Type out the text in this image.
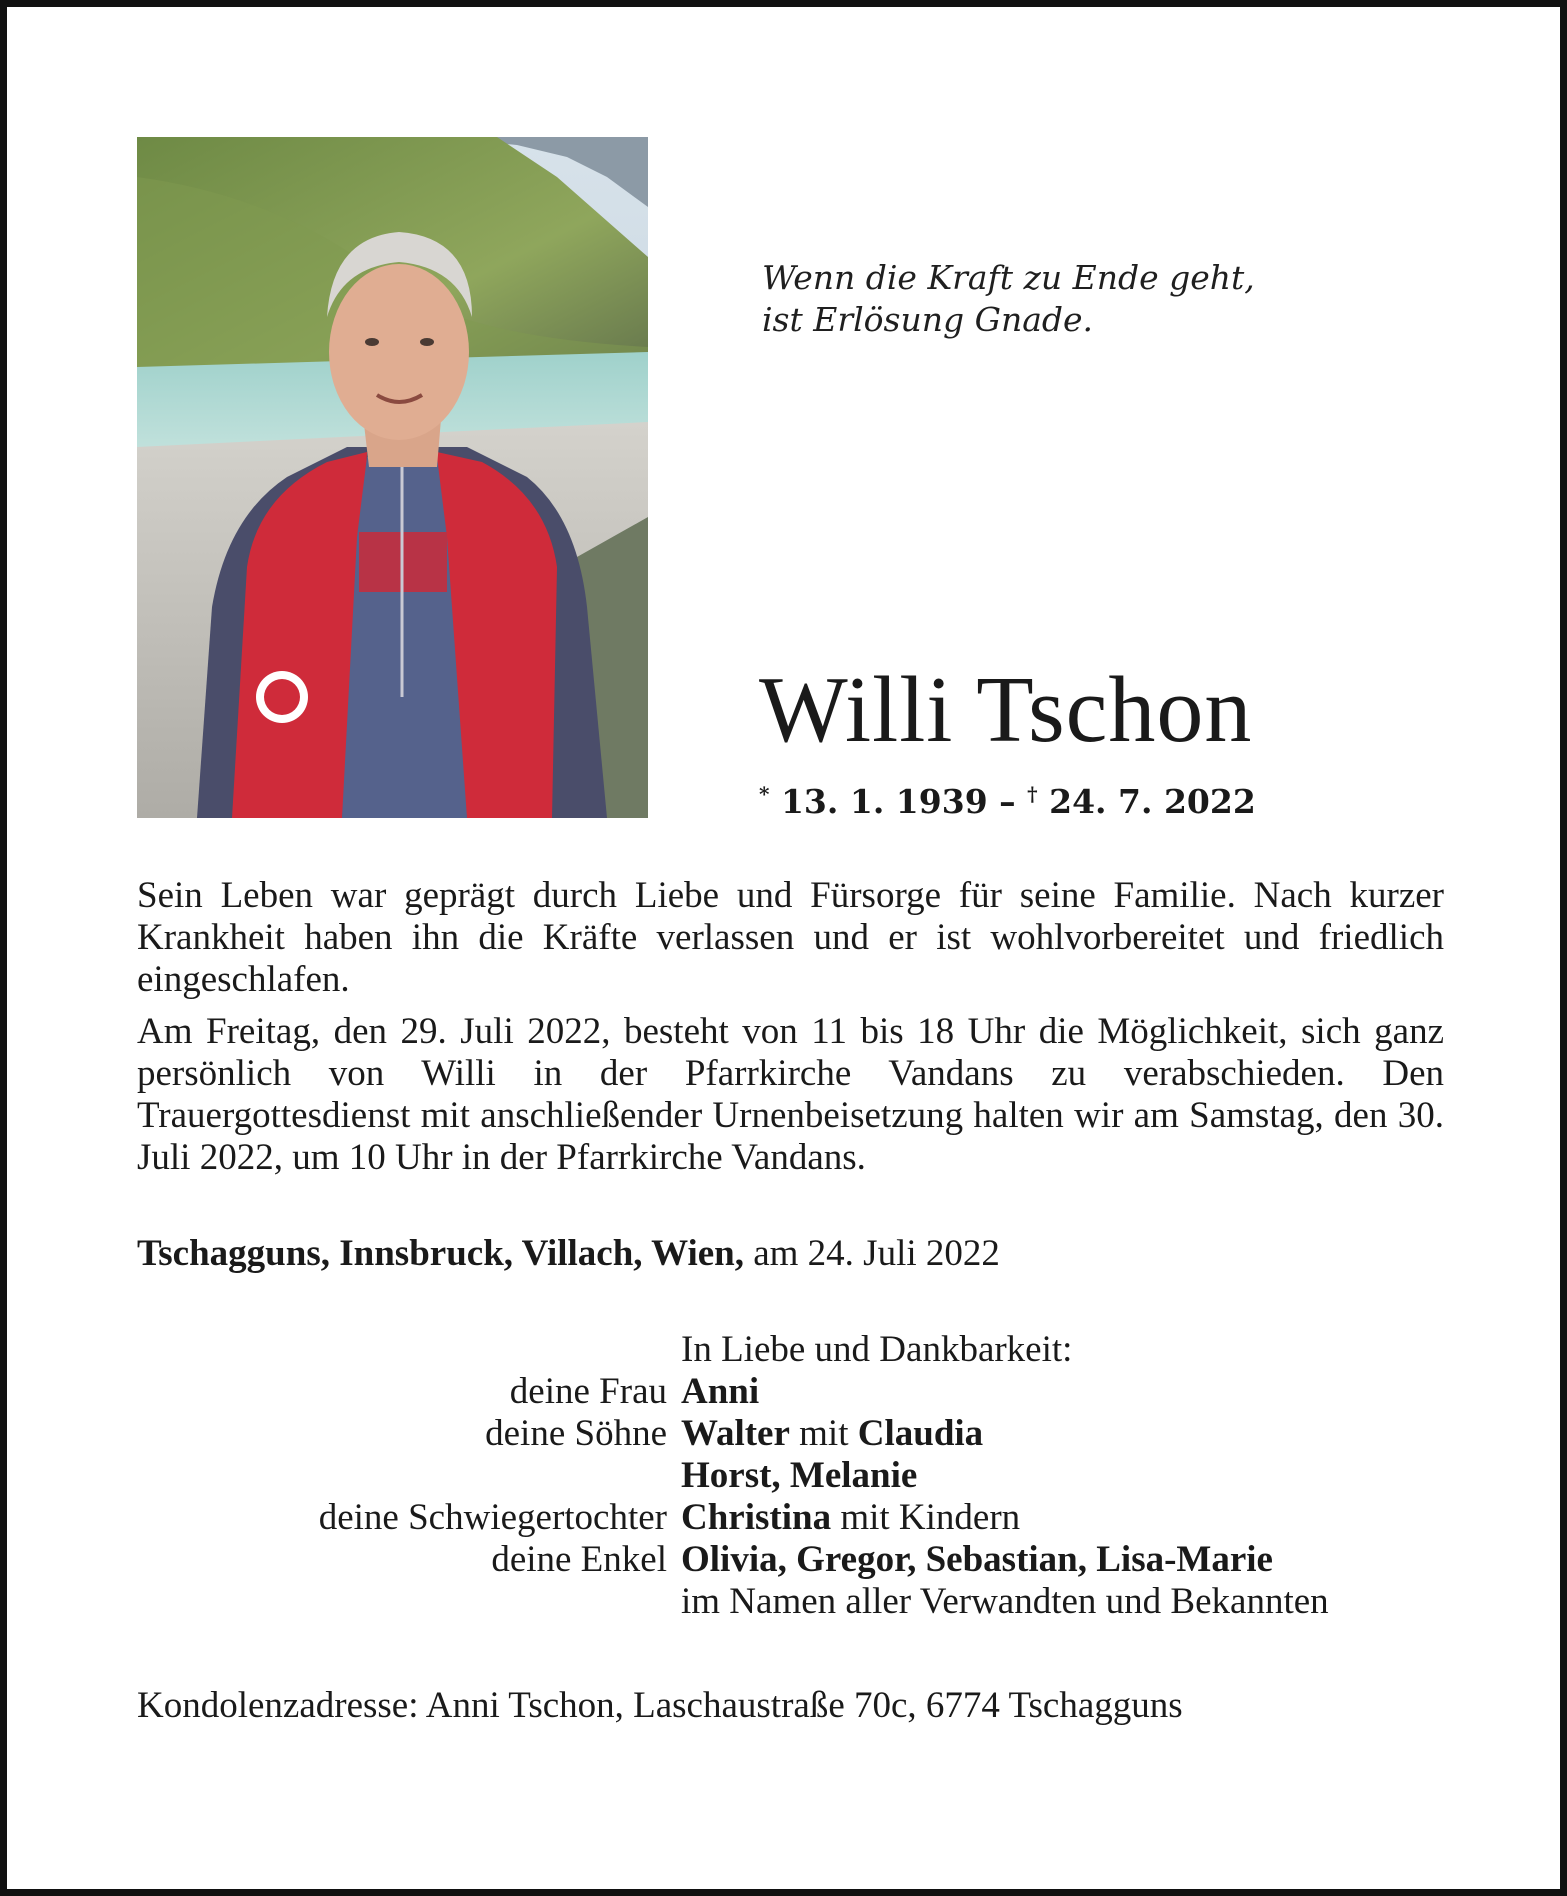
Wenn die Kraft zu Ende geht,
ist Erlösung Gnade.
Willi Tschon
* 13. 1. 1939 – † 24. 7. 2022

Sein Leben war geprägt durch Liebe und Fürsorge für seine Familie. Nach kurzer Krankheit haben ihn die Kräfte verlassen und er ist wohlvorbereitet und friedlich eingeschlafen.

Am Freitag, den 29. Juli 2022, besteht von 11 bis 18 Uhr die Möglichkeit, sich ganz persönlich von Willi in der Pfarrkirche Vandans zu verabschieden. Den Trauergottesdienst mit anschließender Urnenbeisetzung halten wir am Samstag, den 30. Juli 2022, um 10 Uhr in der Pfarrkirche Vandans.

Tschagguns, Innsbruck, Villach, Wien, am 24. Juli 2022
In Liebe und Dankbarkeit:
deine Frau Anni
deine Söhne Walter mit Claudia
Horst, Melanie
deine Schwiegertochter Christina mit Kindern
deine Enkel Olivia, Gregor, Sebastian, Lisa-Marie
im Namen aller Verwandten und Bekannten
Kondolenzadresse: Anni Tschon, Laschaustraße 70c, 6774 Tschagguns
